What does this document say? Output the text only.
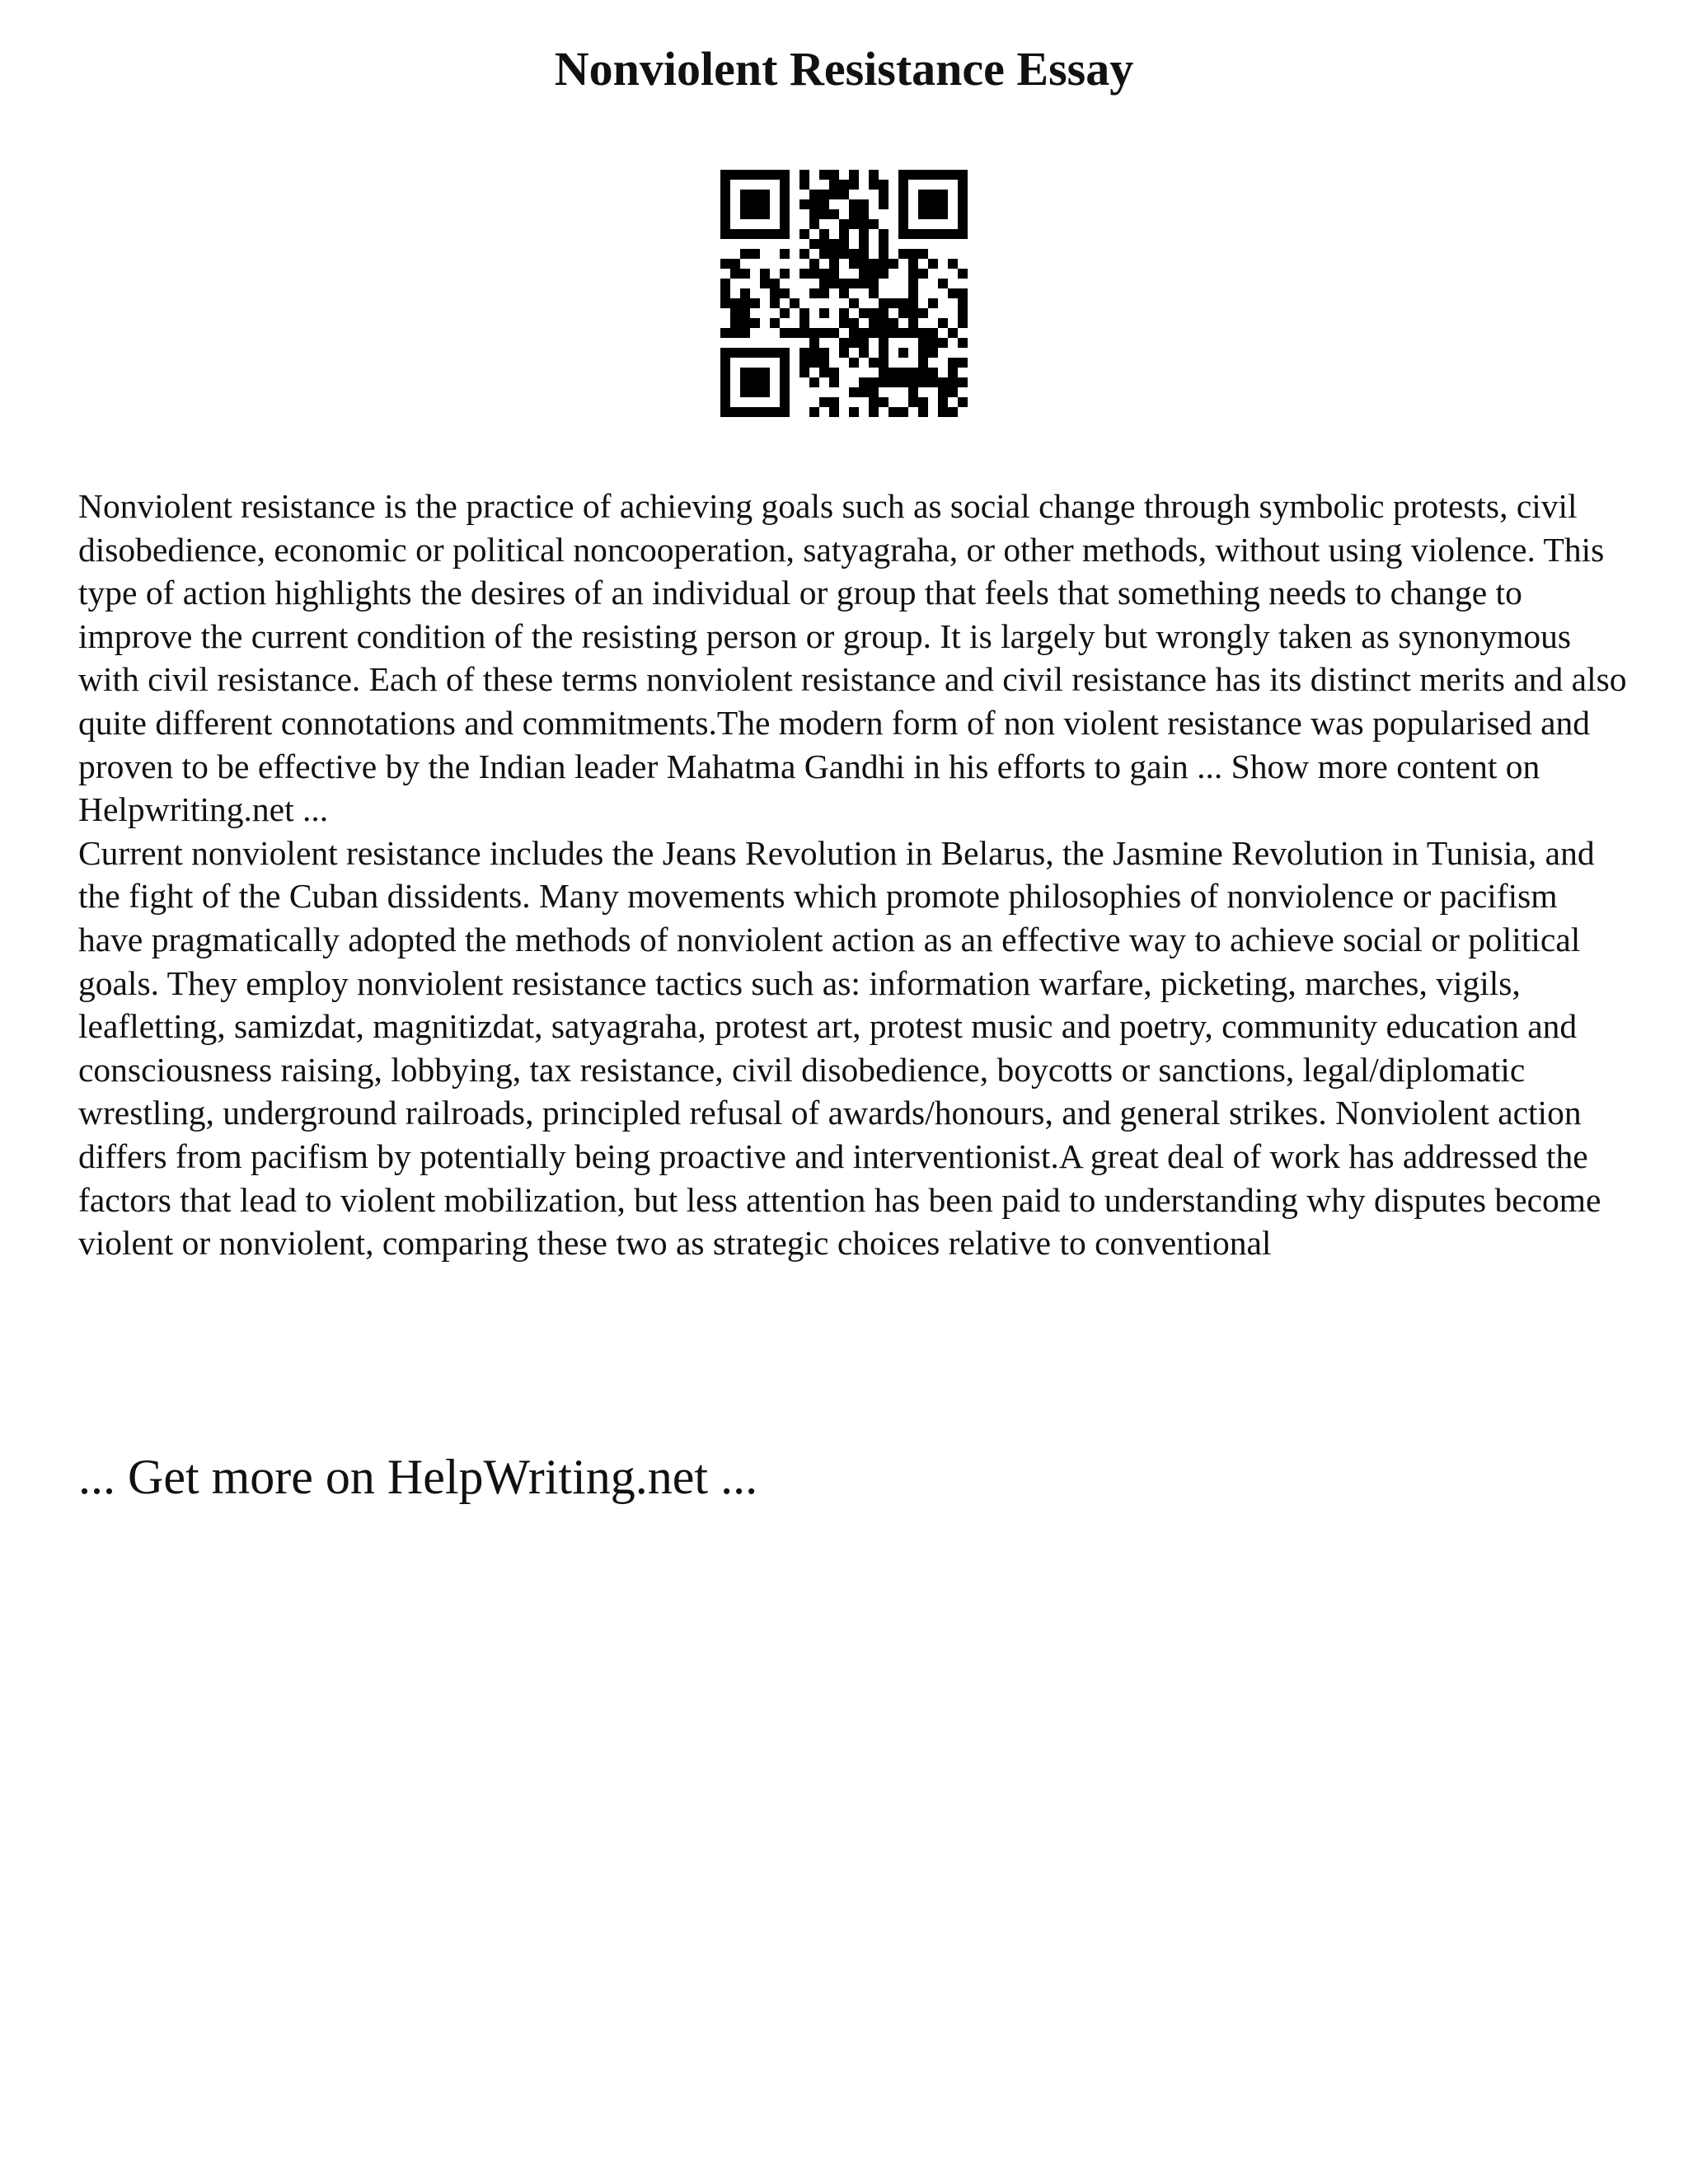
Nonviolent Resistance Essay

Nonviolent resistance is the practice of achieving goals such as social change through symbolic protests, civil disobedience, economic or political noncooperation, satyagraha, or other methods, without using violence. This type of action highlights the desires of an individual or group that feels that something needs to change to improve the current condition of the resisting person or group. It is largely but wrongly taken as synonymous with civil resistance. Each of these terms nonviolent resistance and civil resistance has its distinct merits and also quite different connotations and commitments.The modern form of non violent resistance was popularised and proven to be effective by the Indian leader Mahatma Gandhi in his efforts to gain ... Show more content on Helpwriting.net ...

Current nonviolent resistance includes the Jeans Revolution in Belarus, the Jasmine Revolution in Tunisia, and the fight of the Cuban dissidents. Many movements which promote philosophies of nonviolence or pacifism have pragmatically adopted the methods of nonviolent action as an effective way to achieve social or political goals. They employ nonviolent resistance tactics such as: information warfare, picketing, marches, vigils, leafletting, samizdat, magnitizdat, satyagraha, protest art, protest music and poetry, community education and consciousness raising, lobbying, tax resistance, civil disobedience, boycotts or sanctions, legal/diplomatic wrestling, underground railroads, principled refusal of awards/honours, and general strikes. Nonviolent action differs from pacifism by potentially being proactive and interventionist.A great deal of work has addressed the factors that lead to violent mobilization, but less attention has been paid to understanding why disputes become violent or nonviolent, comparing these two as strategic choices relative to conventional

... Get more on HelpWriting.net ...
